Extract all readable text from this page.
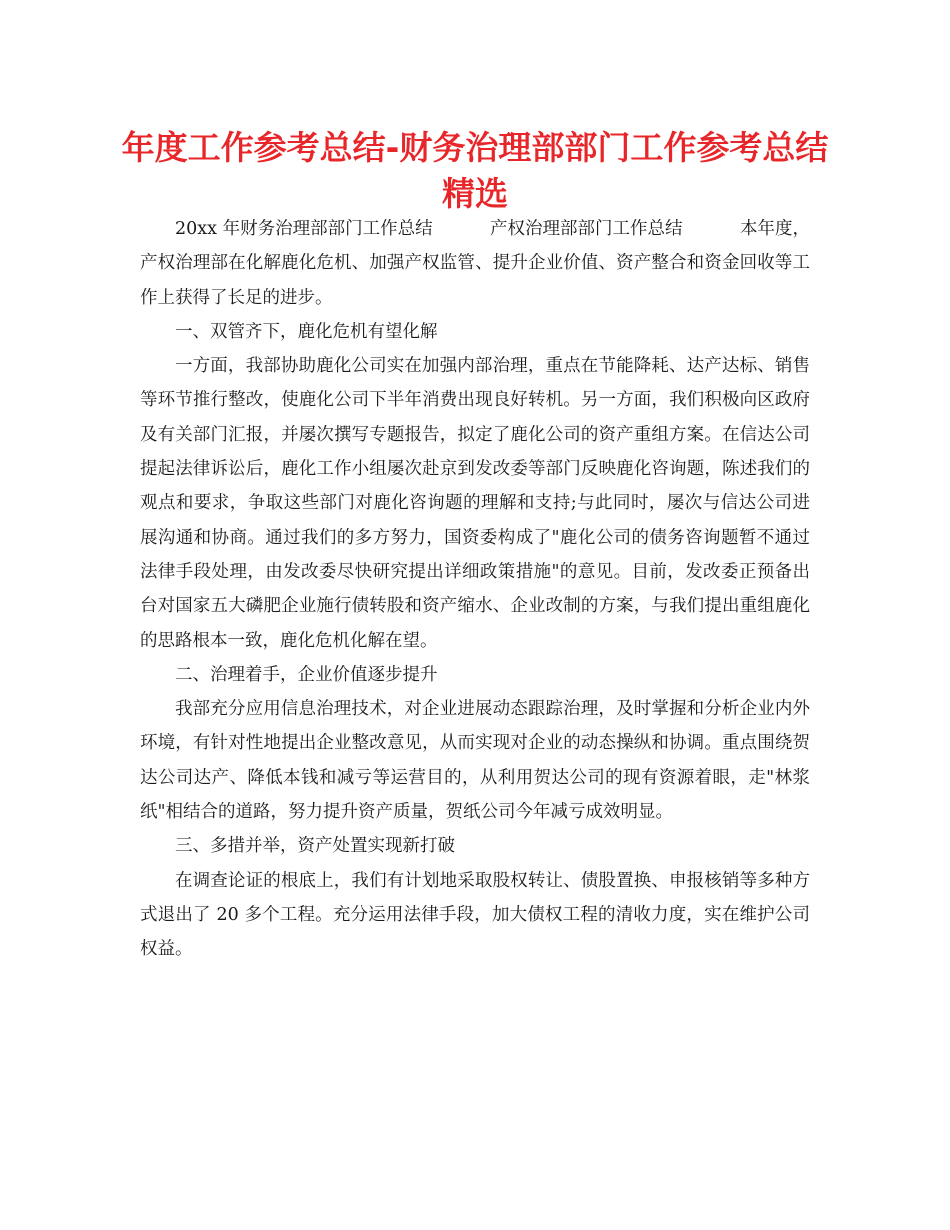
年度工作参考总结-财务治理部部门工作参考总结
精选
20xx 年财务治理部部门工作总结	产权治理部部门工作总结	本年度，

产权治理部在化解鹿化危机、加强产权监管、提升企业价值、资产整合和资金回收等工作上获得了长足的进步。

一、双管齐下，鹿化危机有望化解

一方面，我部协助鹿化公司实在加强内部治理，重点在节能降耗、达产达标、销售等环节推行整改，使鹿化公司下半年消费出现良好转机。另一方面，我们积极向区政府及有关部门汇报，并屡次撰写专题报告，拟定了鹿化公司的资产重组方案。在信达公司提起法律诉讼后，鹿化工作小组屡次赴京到发改委等部门反映鹿化咨询题，陈述我们的观点和要求，争取这些部门对鹿化咨询题的理解和支持;与此同时，屡次与信达公司进展沟通和协商。通过我们的多方努力，国资委构成了"鹿化公司的债务咨询题暂不通过法律手段处理，由发改委尽快研究提出详细政策措施"的意见。目前，发改委正预备出台对国家五大磷肥企业施行债转股和资产缩水、企业改制的方案，与我们提出重组鹿化的思路根本一致，鹿化危机化解在望。

二、治理着手，企业价值逐步提升

我部充分应用信息治理技术，对企业进展动态跟踪治理，及时掌握和分析企业内外环境，有针对性地提出企业整改意见，从而实现对企业的动态操纵和协调。重点围绕贺达公司达产、降低本钱和减亏等运营目的，从利用贺达公司的现有资源着眼，走"林浆纸"相结合的道路，努力提升资产质量，贺纸公司今年减亏成效明显。

三、多措并举，资产处置实现新打破

在调查论证的根底上，我们有计划地采取股权转让、债股置换、申报核销等多种方式退出了 20 多个工程。充分运用法律手段，加大债权工程的清收力度，实在维护公司权益。
